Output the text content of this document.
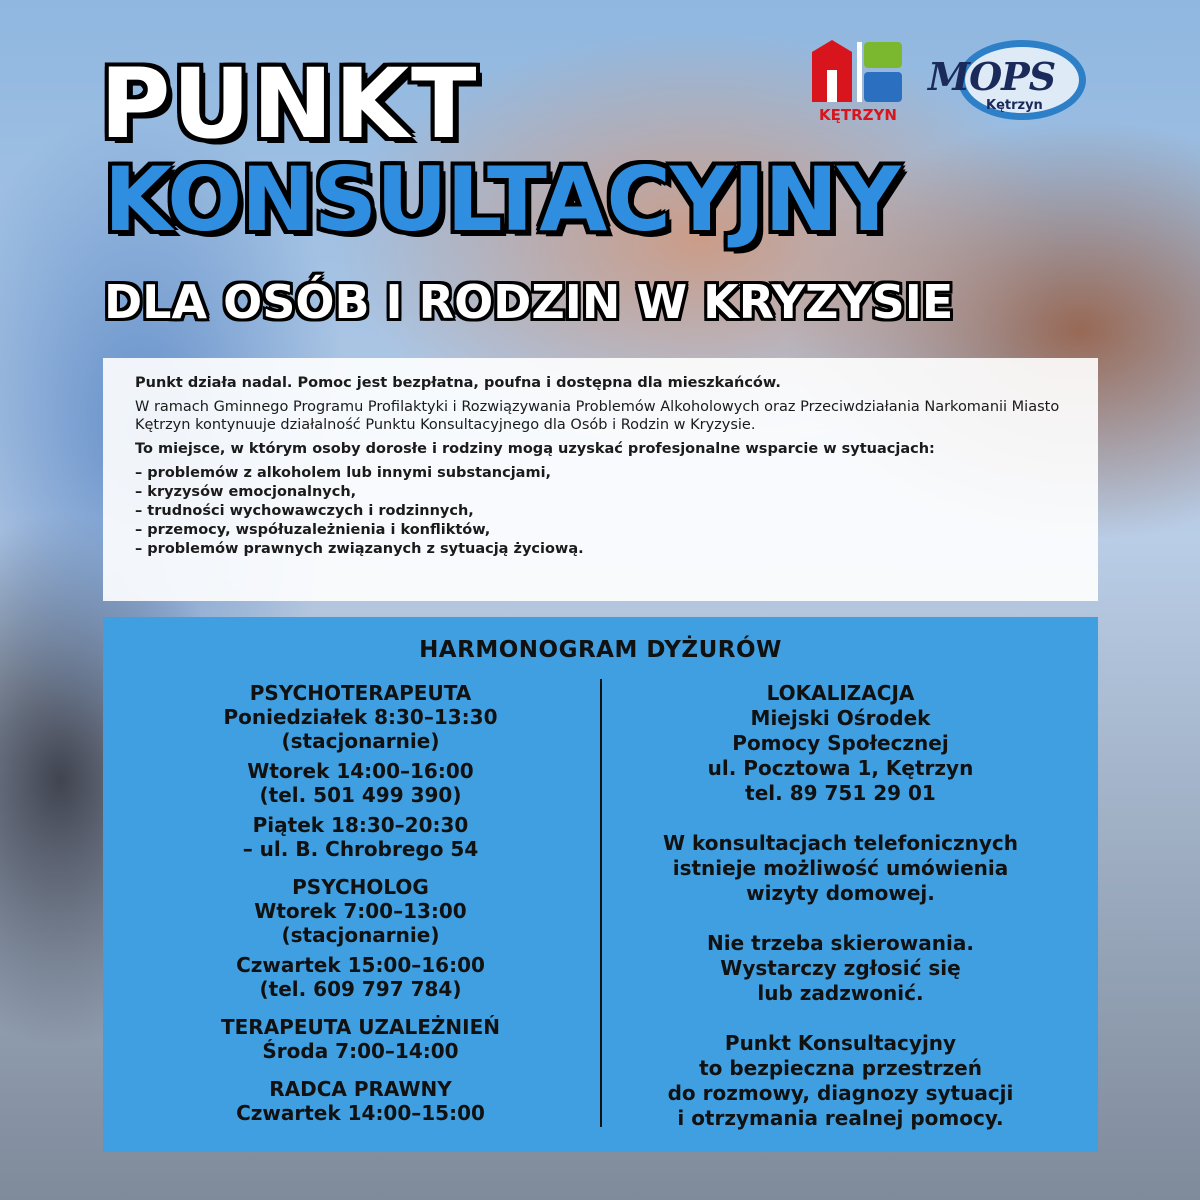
PUNKT
KONSULTACYJNY
DLA OSÓB I RODZIN W KRYZYSIE
KĘTRZYN
MOPS
Kętrzyn

Punkt działa nadal. Pomoc jest bezpłatna, poufna i dostępna dla mieszkańców.

W ramach Gminnego Programu Profilaktyki i Rozwiązywania Problemów Alkoholowych oraz Przeciwdziałania Narkomanii Miasto Kętrzyn kontynuuje działalność Punktu Konsultacyjnego dla Osób i Rodzin w Kryzysie.

To miejsce, w którym osoby dorosłe i rodziny mogą uzyskać profesjonalne wsparcie w sytuacjach:

– problemów z alkoholem lub innymi substancjami,
– kryzysów emocjonalnych,
– trudności wychowawczych i rodzinnych,
– przemocy, współuzależnienia i konfliktów,
– problemów prawnych związanych z sytuacją życiową.
HARMONOGRAM DYŻURÓW

PSYCHOTERAPEUTA

Poniedziałek 8:30–13:30

(stacjonarnie)

Wtorek 14:00–16:00

(tel. 501 499 390)

Piątek 18:30–20:30

– ul. B. Chrobrego 54

PSYCHOLOG

Wtorek 7:00–13:00

(stacjonarnie)

Czwartek 15:00–16:00

(tel. 609 797 784)

TERAPEUTA UZALEŻNIEŃ

Środa 7:00–14:00

RADCA PRAWNY

Czwartek 14:00–15:00

LOKALIZACJA

Miejski Ośrodek

Pomocy Społecznej

ul. Pocztowa 1, Kętrzyn

tel. 89 751 29 01

W konsultacjach telefonicznych

istnieje możliwość umówienia

wizyty domowej.

Nie trzeba skierowania.

Wystarczy zgłosić się

lub zadzwonić.

Punkt Konsultacyjny

to bezpieczna przestrzeń

do rozmowy, diagnozy sytuacji

i otrzymania realnej pomocy.
